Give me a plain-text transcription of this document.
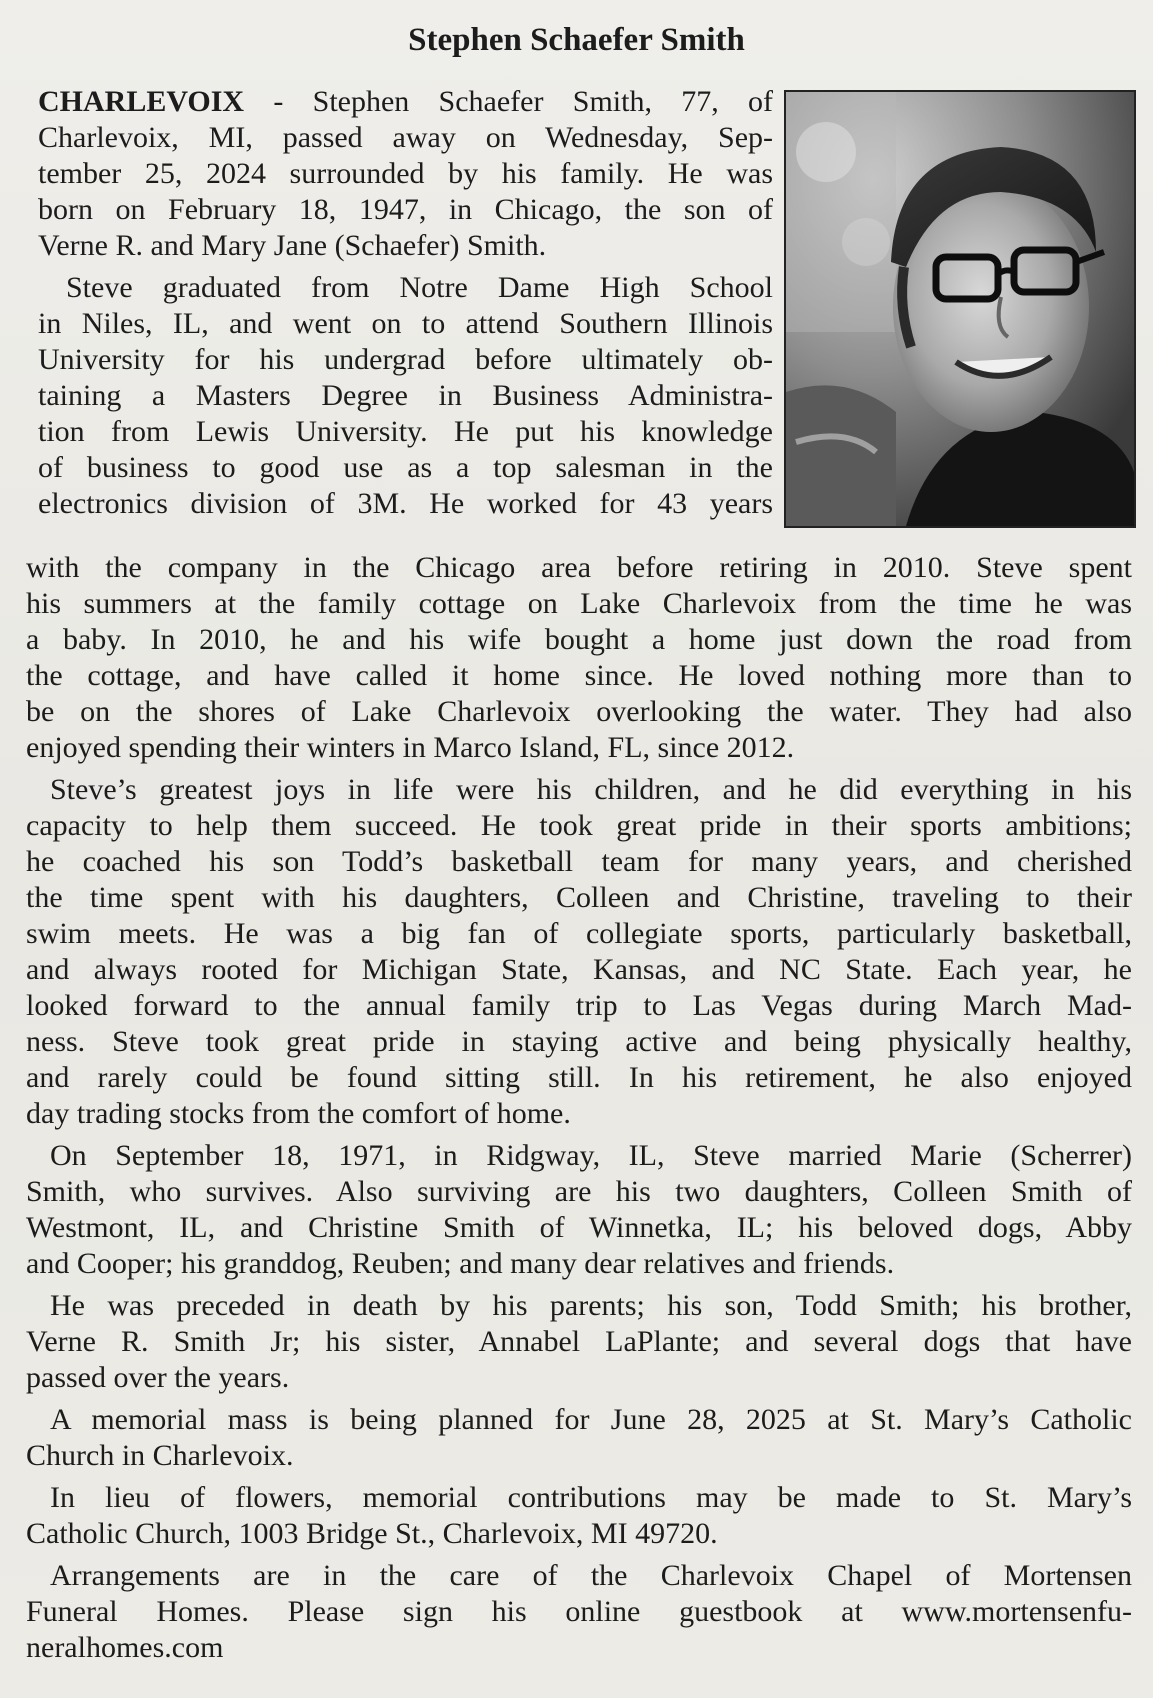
Stephen Schaefer Smith

CHARLEVOIX - Stephen Schaefer Smith, 77, of

Charlevoix, MI, passed away on Wednesday, Sep-

tember 25, 2024 surrounded by his family. He was

born on February 18, 1947, in Chicago, the son of

Verne R. and Mary Jane (Schaefer) Smith.

Steve graduated from Notre Dame High School

in Niles, IL, and went on to attend Southern Illinois

University for his undergrad before ultimately ob-

taining a Masters Degree in Business Administra-

tion from Lewis University. He put his knowledge

of business to good use as a top salesman in the

electronics division of 3M. He worked for 43 years

with the company in the Chicago area before retiring in 2010. Steve spent

his summers at the family cottage on Lake Charlevoix from the time he was

a baby. In 2010, he and his wife bought a home just down the road from

the cottage, and have called it home since. He loved nothing more than to

be on the shores of Lake Charlevoix overlooking the water. They had also

enjoyed spending their winters in Marco Island, FL, since 2012.

Steve’s greatest joys in life were his children, and he did everything in his

capacity to help them succeed. He took great pride in their sports ambitions;

he coached his son Todd’s basketball team for many years, and cherished

the time spent with his daughters, Colleen and Christine, traveling to their

swim meets. He was a big fan of collegiate sports, particularly basketball,

and always rooted for Michigan State, Kansas, and NC State. Each year, he

looked forward to the annual family trip to Las Vegas during March Mad-

ness. Steve took great pride in staying active and being physically healthy,

and rarely could be found sitting still. In his retirement, he also enjoyed

day trading stocks from the comfort of home.

On September 18, 1971, in Ridgway, IL, Steve married Marie (Scherrer)

Smith, who survives. Also surviving are his two daughters, Colleen Smith of

Westmont, IL, and Christine Smith of Winnetka, IL; his beloved dogs, Abby

and Cooper; his granddog, Reuben; and many dear relatives and friends.

He was preceded in death by his parents; his son, Todd Smith; his brother,

Verne R. Smith Jr; his sister, Annabel LaPlante; and several dogs that have

passed over the years.

A memorial mass is being planned for June 28, 2025 at St. Mary’s Catholic

Church in Charlevoix.

In lieu of flowers, memorial contributions may be made to St. Mary’s

Catholic Church, 1003 Bridge St., Charlevoix, MI 49720.

Arrangements are in the care of the Charlevoix Chapel of Mortensen

Funeral Homes. Please sign his online guestbook at www.mortensenfu-

neralhomes.com
